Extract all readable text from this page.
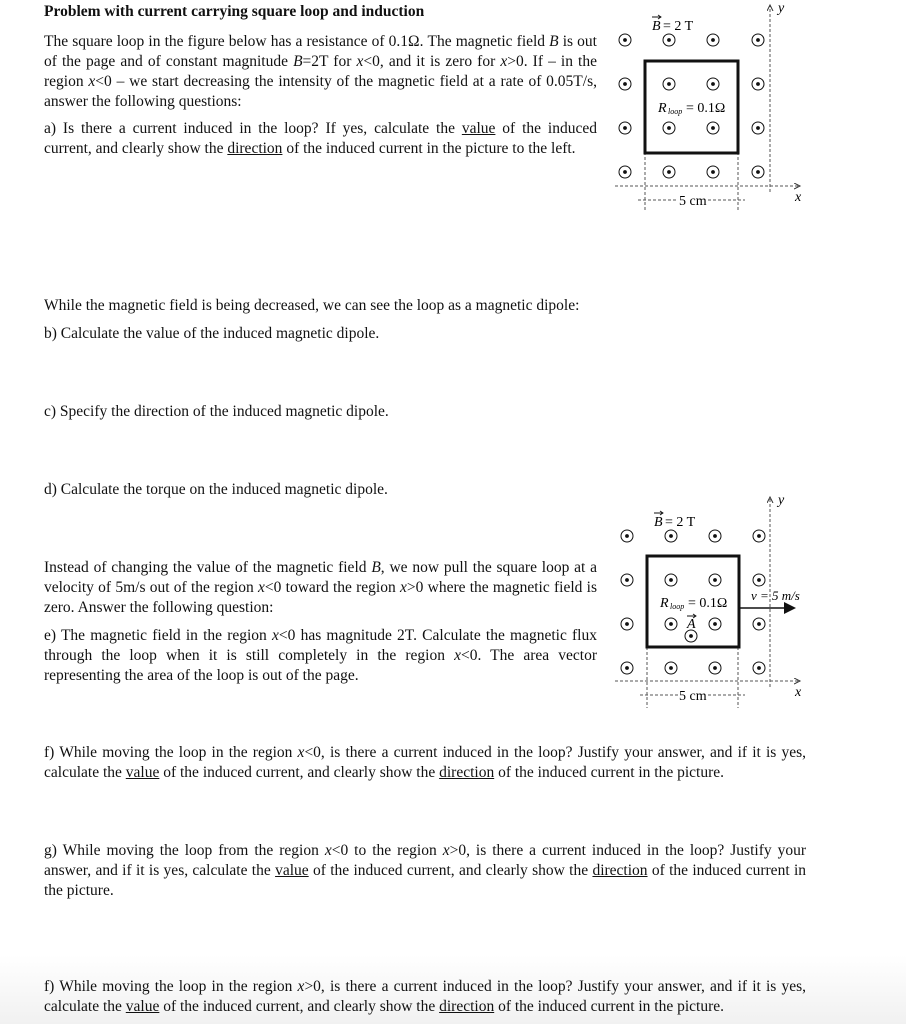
Problem with current carrying square loop and induction
The square loop in the figure below has a resistance of 0.1Ω. The magnetic field B is out of the page and of constant magnitude B=2T for x<0, and it is zero for x>0. If – in the region x<0 – we start decreasing the intensity of the magnetic field at a rate of 0.05T/s, answer the following questions:
a) Is there a current induced in the loop? If yes, calculate the value of the induced current, and clearly show the direction of the induced current in the picture to the left.
While the magnetic field is being decreased, we can see the loop as a magnetic dipole:
b) Calculate the value of the induced magnetic dipole.
c) Specify the direction of the induced magnetic dipole.
d) Calculate the torque on the induced magnetic dipole.
Instead of changing the value of the magnetic field B, we now pull the square loop at a velocity of 5m/s out of the region x<0 toward the region x>0 where the magnetic field is zero. Answer the following question:
e) The magnetic field in the region x<0 has magnitude 2T. Calculate the magnetic flux through the loop when it is still completely in the region x<0. The area vector representing the area of the loop is out of the page.
f) While moving the loop in the region x<0, is there a current induced in the loop? Justify your answer, and if it is yes, calculate the value of the induced current, and clearly show the direction of the induced current in the picture.
g) While moving the loop from the region x<0 to the region x>0, is there a current induced in the loop? Justify your answer, and if it is yes, calculate the value of the induced current, and clearly show the direction of the induced current in the picture.
f) While moving the loop in the region x>0, is there a current induced in the loop? Justify your answer, and if it is yes, calculate the value of the induced current, and clearly show the direction of the induced current in the picture.
y
x
5 cm
B = 2 T
R loop = 0.1Ω
y
x
5 cm
B = 2 T
R loop = 0.1Ω
A
v = 5 m/s
